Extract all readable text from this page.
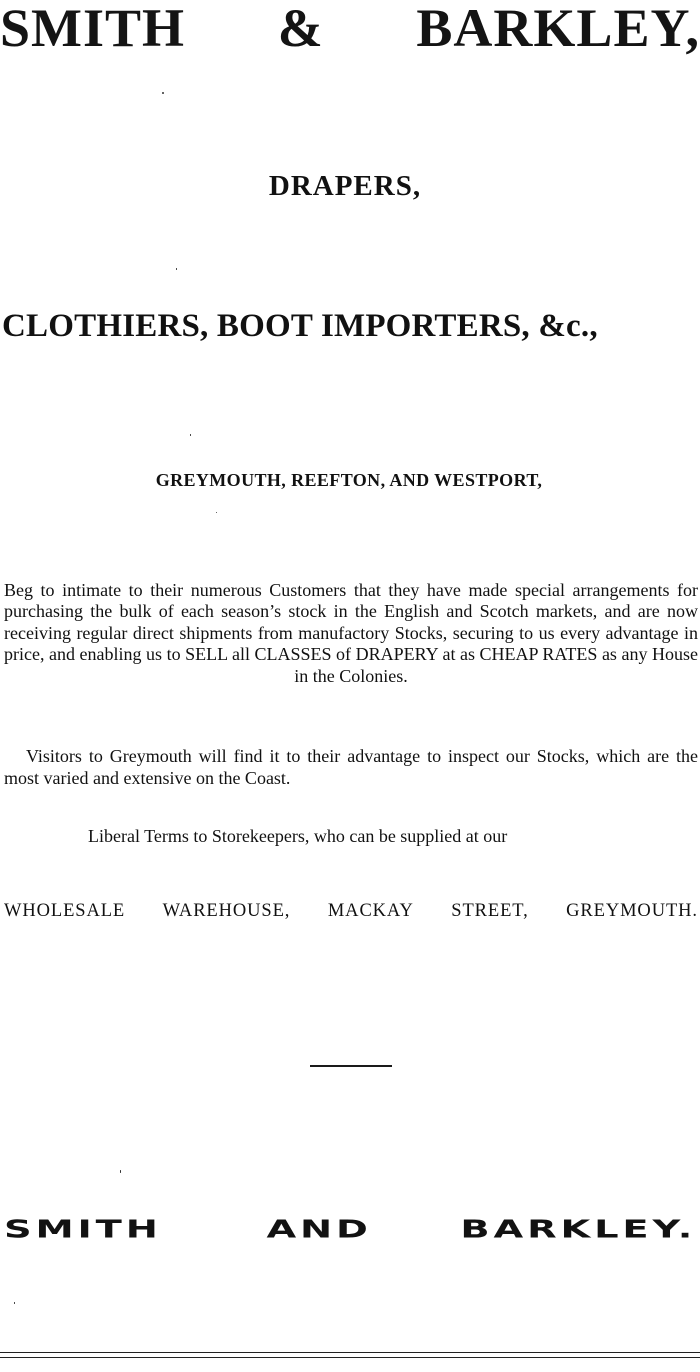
SMITH & BARKLEY,
DRAPERS,
CLOTHIERS, BOOT IMPORTERS, &c.,
GREYMOUTH, REEFTON, AND WESTPORT,
Beg to intimate to their numerous Customers that they have made special arrangements for purchasing the bulk of each season’s stock in the English and Scotch markets, and are now receiving regular direct shipments from manufactory Stocks, securing to us every advantage in price, and enabling us to SELL all CLASSES of DRAPERY at as CHEAP RATES as any House in the Colonies.
Visitors to Greymouth will find it to their advantage to inspect our Stocks, which are the most varied and extensive on the Coast.
Liberal Terms to Storekeepers, who can be supplied at our
WHOLESALE WAREHOUSE, MACKAY STREET, GREYMOUTH.
SMITH	AND	BARKLEY.
